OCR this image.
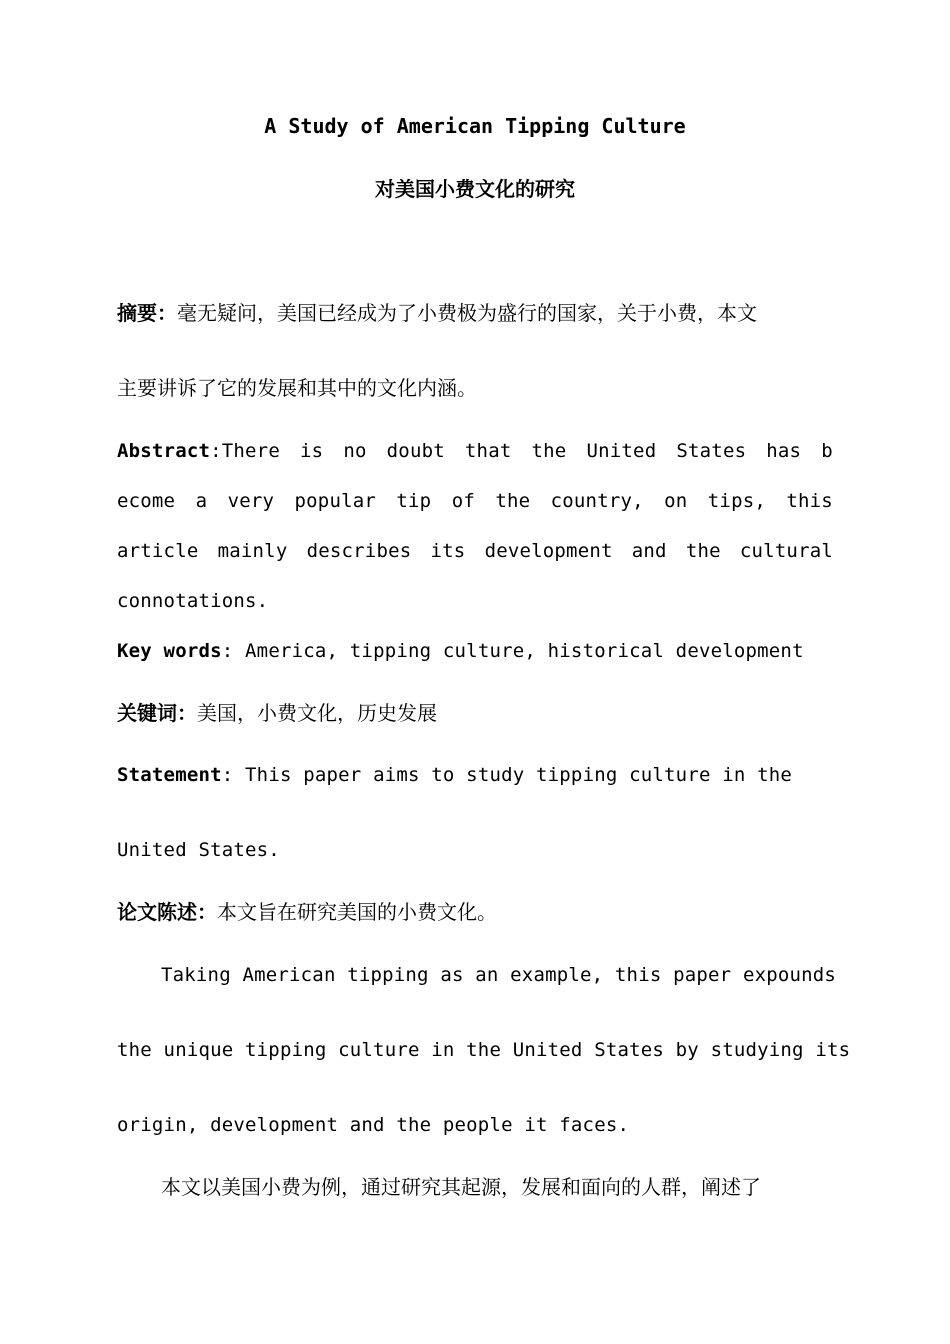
A Study of American Tipping Culture
对美国小费文化的研究
摘要：毫无疑问，美国已经成为了小费极为盛行的国家，关于小费，本文
主要讲诉了它的发展和其中的文化内涵。
Abstract:There is no doubt that the United States has b
ecome a very popular tip of the country, on tips, this
article mainly describes its development and the cultural
connotations.
Key words: America, tipping culture, historical development
关键词：美国，小费文化，历史发展
Statement: This paper aims to study tipping culture in the
United States.
论文陈述：本文旨在研究美国的小费文化。
Taking American tipping as an example, this paper expounds
the unique tipping culture in the United States by studying its
origin, development and the people it faces.
本文以美国小费为例，通过研究其起源，发展和面向的人群，阐述了
